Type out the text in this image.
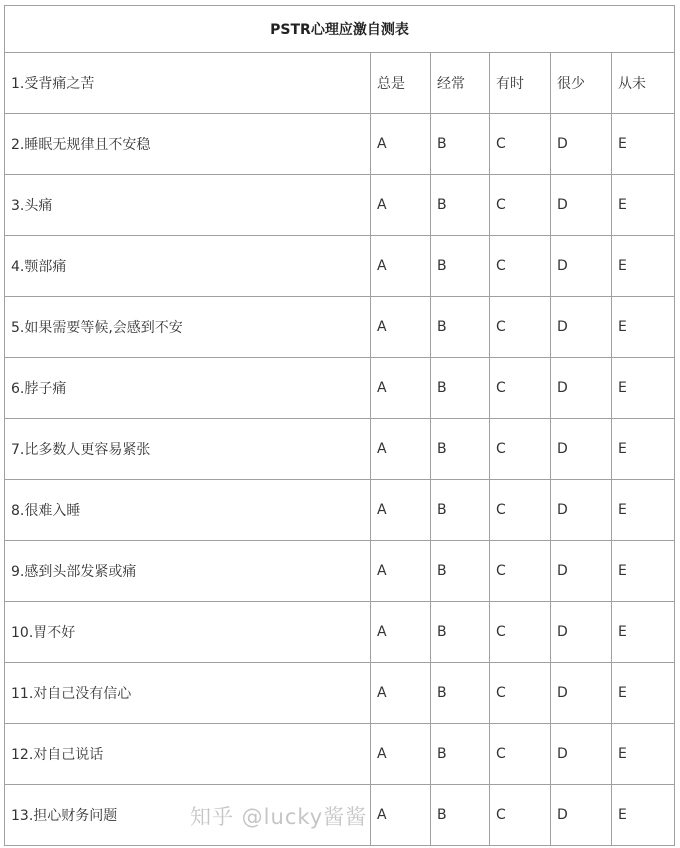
PSTR心理应激自测表					
1.受背痛之苦	总是	经常	有时	很少	从未
2.睡眠无规律且不安稳	A	B	C	D	E
3.头痛	A	B	C	D	E
4.颚部痛	A	B	C	D	E
5.如果需要等候,会感到不安	A	B	C	D	E
6.脖子痛	A	B	C	D	E
7.比多数人更容易紧张	A	B	C	D	E
8.很难入睡	A	B	C	D	E
9.感到头部发紧或痛	A	B	C	D	E
10.胃不好	A	B	C	D	E
11.对自己没有信心	A	B	C	D	E
12.对自己说话	A	B	C	D	E
13.担心财务问题	A	B	C	D	E
知乎 @lucky酱酱
